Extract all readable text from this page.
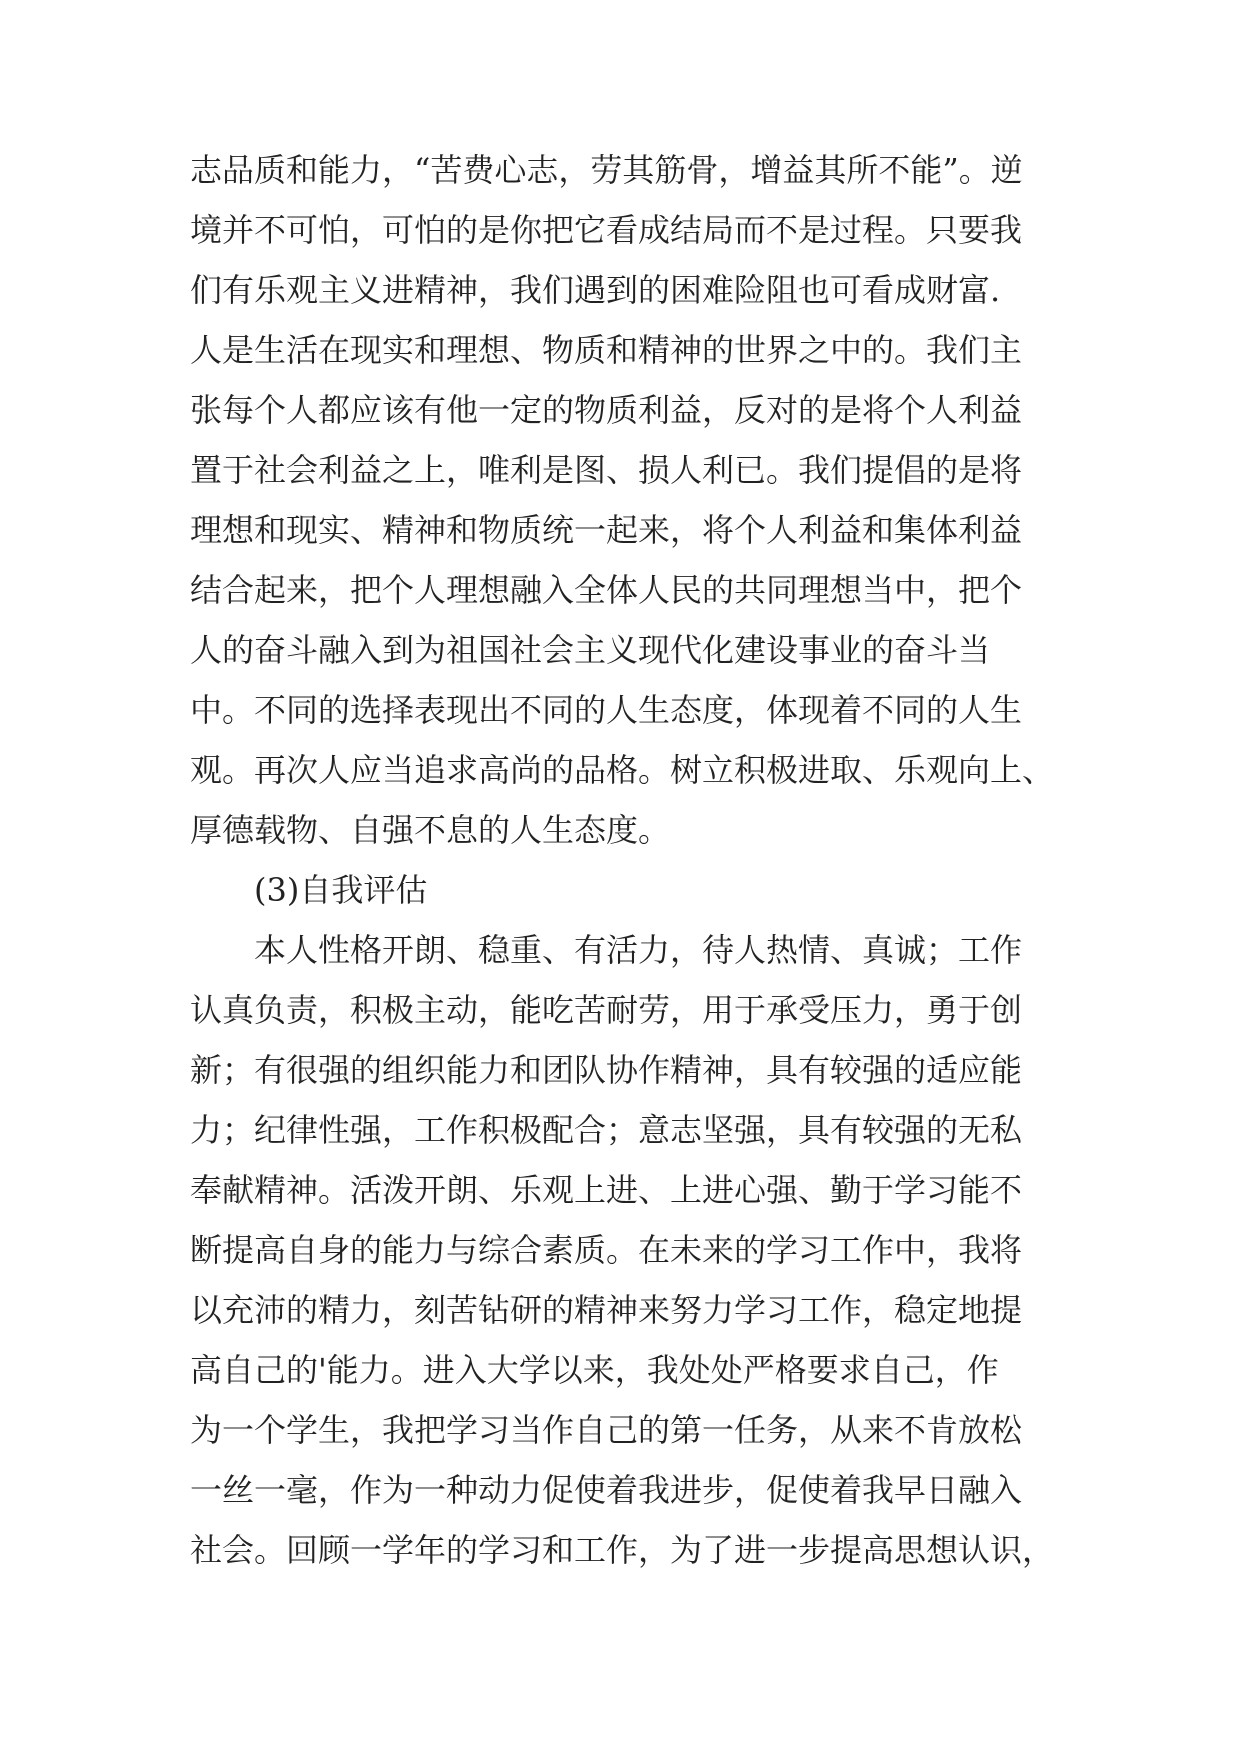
志品质和能力，“苦费心志，劳其筋骨，增益其所不能”。逆
境并不可怕，可怕的是你把它看成结局而不是过程。只要我
们有乐观主义进精神，我们遇到的困难险阻也可看成财富.
人是生活在现实和理想、物质和精神的世界之中的。我们主
张每个人都应该有他一定的物质利益，反对的是将个人利益
置于社会利益之上，唯利是图、损人利已。我们提倡的是将
理想和现实、精神和物质统一起来，将个人利益和集体利益
结合起来，把个人理想融入全体人民的共同理想当中，把个
人的奋斗融入到为祖国社会主义现代化建设事业的奋斗当
中。不同的选择表现出不同的人生态度，体现着不同的人生
观。再次人应当追求高尚的品格。树立积极进取、乐观向上、
厚德载物、自强不息的人生态度。
(3)自我评估
本人性格开朗、稳重、有活力，待人热情、真诚；工作
认真负责，积极主动，能吃苦耐劳，用于承受压力，勇于创
新；有很强的组织能力和团队协作精神，具有较强的适应能
力；纪律性强，工作积极配合；意志坚强，具有较强的无私
奉献精神。活泼开朗、乐观上进、上进心强、勤于学习能不
断提高自身的能力与综合素质。在未来的学习工作中，我将
以充沛的精力，刻苦钻研的精神来努力学习工作，稳定地提
高自己的'能力。进入大学以来，我处处严格要求自己，作
为一个学生，我把学习当作自己的第一任务，从来不肯放松
一丝一毫，作为一种动力促使着我进步，促使着我早日融入
社会。回顾一学年的学习和工作，为了进一步提高思想认识，
